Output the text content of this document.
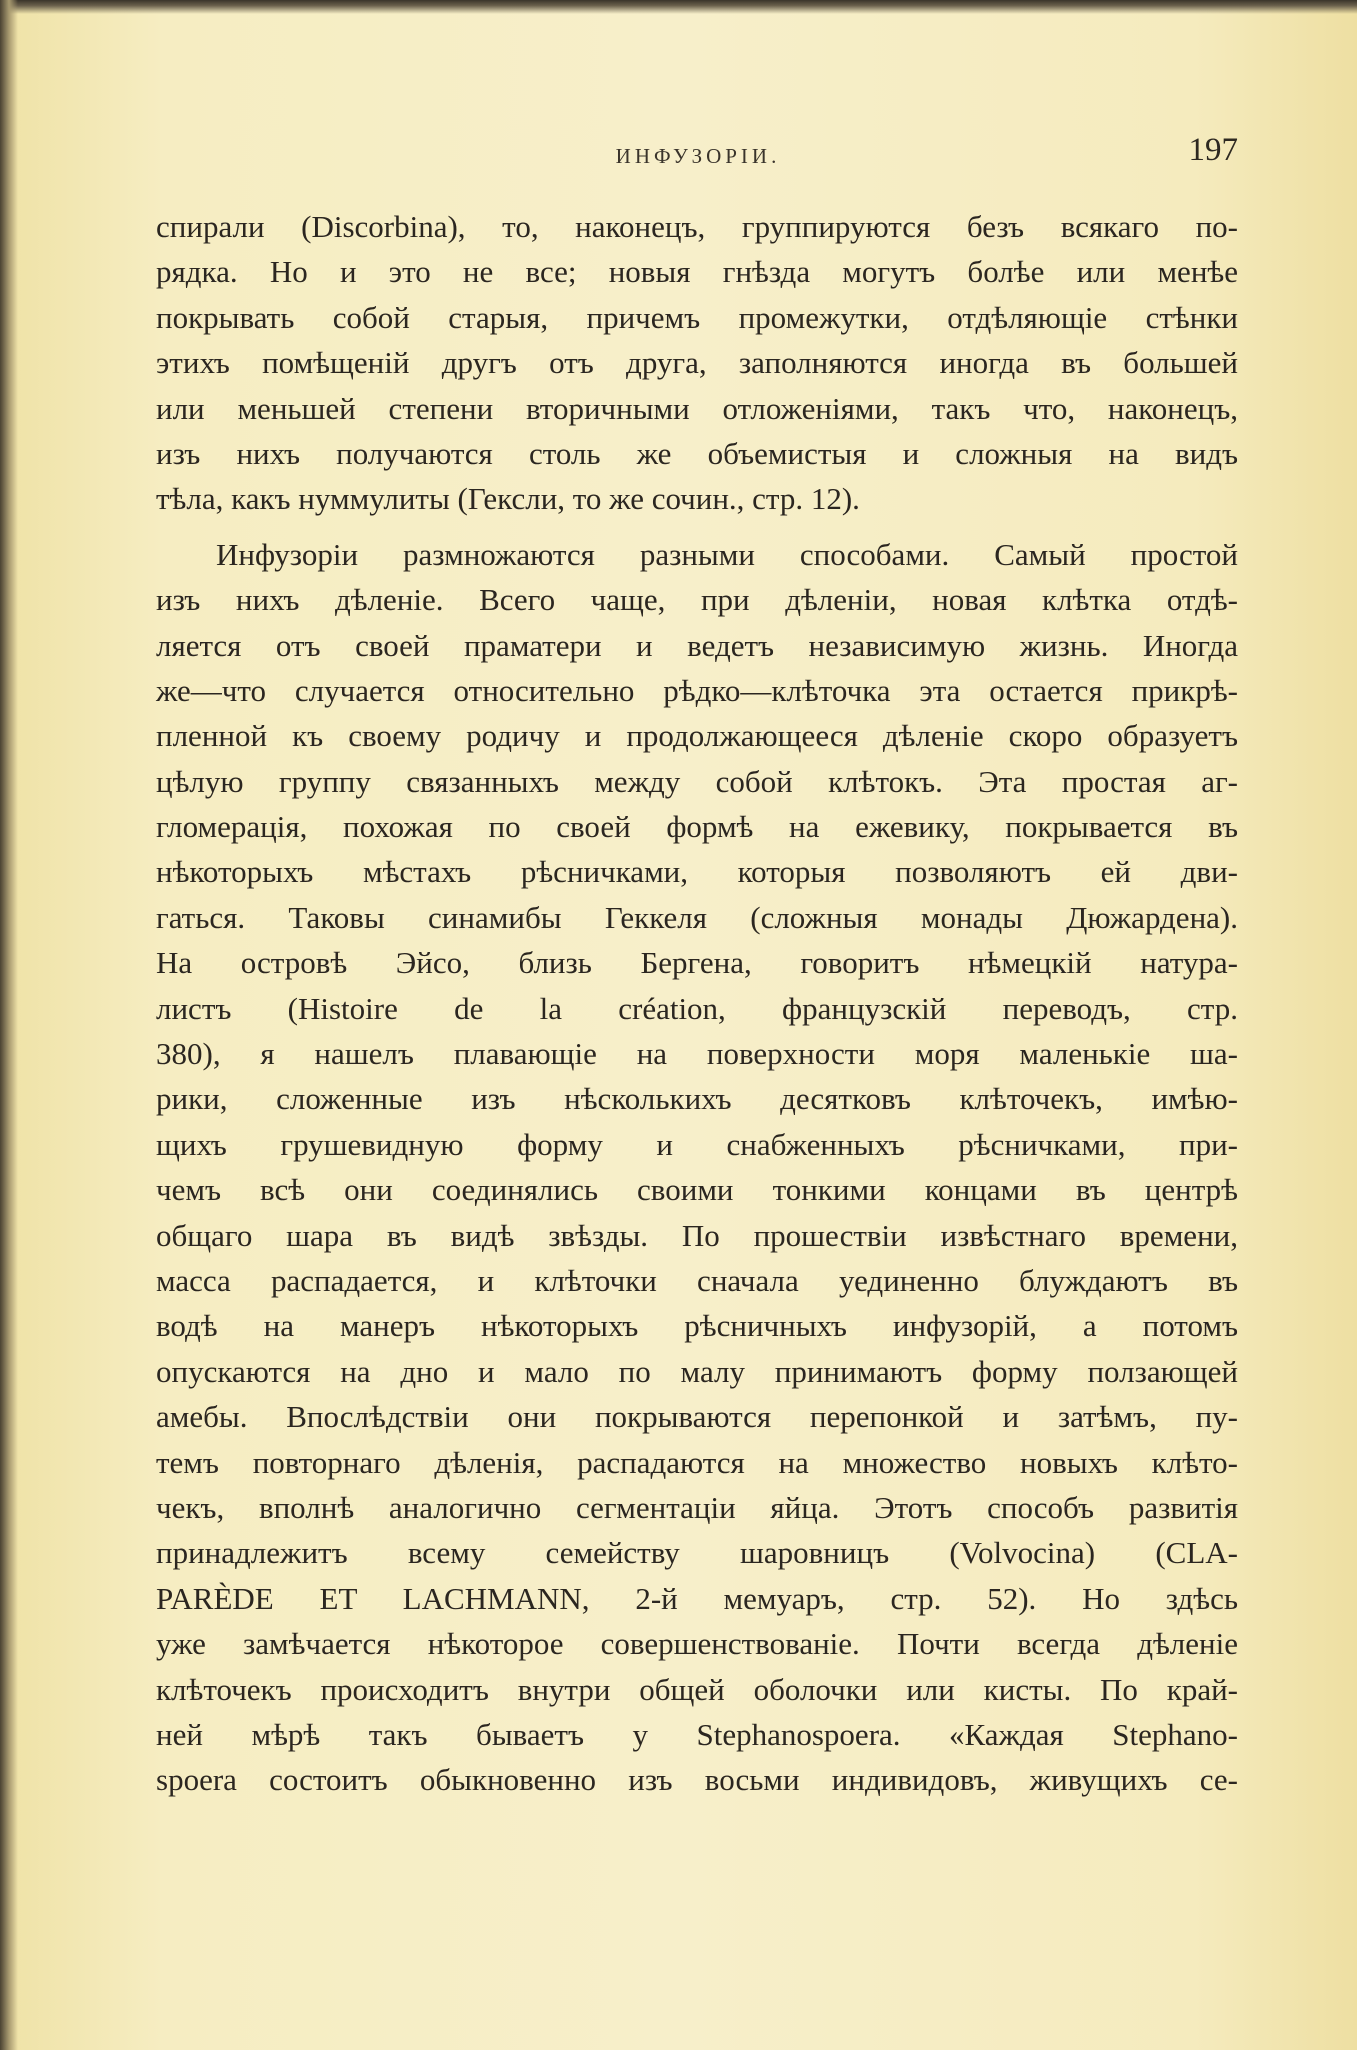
ИНФУЗОРІИ.	197
спирали (Discorbina), то, наконецъ, группируются безъ всякаго по-
рядка. Но и это не все; новыя гнѣзда могутъ болѣе или менѣе
покрывать собой старыя, причемъ промежутки, отдѣляющіе стѣнки
этихъ помѣщеній другъ отъ друга, заполняются иногда въ большей
или меньшей степени вторичными отложеніями, такъ что, наконецъ,
изъ нихъ получаются столь же объемистыя и сложныя на видъ
тѣла, какъ нуммулиты (Гексли, то же сочин., стр. 12).
Инфузоріи размножаются разными способами. Самый простой
изъ нихъ дѣленіе. Всего чаще, при дѣленіи, новая клѣтка отдѣ-
ляется отъ своей праматери и ведетъ независимую жизнь. Иногда
же—что случается относительно рѣдко—клѣточка эта остается прикрѣ-
пленной къ своему родичу и продолжающееся дѣленіе скоро образуетъ
цѣлую группу связанныхъ между собой клѣтокъ. Эта простая аг-
гломерація, похожая по своей формѣ на ежевику, покрывается въ
нѣкоторыхъ мѣстахъ рѣсничками, которыя позволяютъ ей дви-
гаться. Таковы синамибы Геккеля (сложныя монады Дюжардена).
На островѣ Эйсо, близь Бергена, говоритъ нѣмецкій натура-
листъ (Histoire de la création, французскій переводъ, стр.
380), я нашелъ плавающіе на поверхности моря маленькіе ша-
рики, сложенные изъ нѣсколькихъ десятковъ клѣточекъ, имѣю-
щихъ грушевидную форму и снабженныхъ рѣсничками, при-
чемъ всѣ они соединялись своими тонкими концами въ центрѣ
общаго шара въ видѣ звѣзды. По прошествіи извѣстнаго времени,
масса распадается, и клѣточки сначала уединенно блуждаютъ въ
водѣ на манеръ нѣкоторыхъ рѣсничныхъ инфузорій, а потомъ
опускаются на дно и мало по малу принимаютъ форму ползающей
амебы. Впослѣдствіи они покрываются перепонкой и затѣмъ, пу-
темъ повторнаго дѣленія, распадаются на множество новыхъ клѣто-
чекъ, вполнѣ аналогично сегментаціи яйца. Этотъ способъ развитія
принадлежитъ всему семейству шаровницъ (Volvocina) (CLA-
PARÈDE ET LACHMANN, 2-й мемуаръ, стр. 52). Но здѣсь
уже замѣчается нѣкоторое совершенствованіе. Почти всегда дѣленіе
клѣточекъ происходитъ внутри общей оболочки или кисты. По край-
ней мѣрѣ такъ бываетъ у Stephanospoera. «Каждая Stephano-
spoera состоитъ обыкновенно изъ восьми индивидовъ, живущихъ се-
